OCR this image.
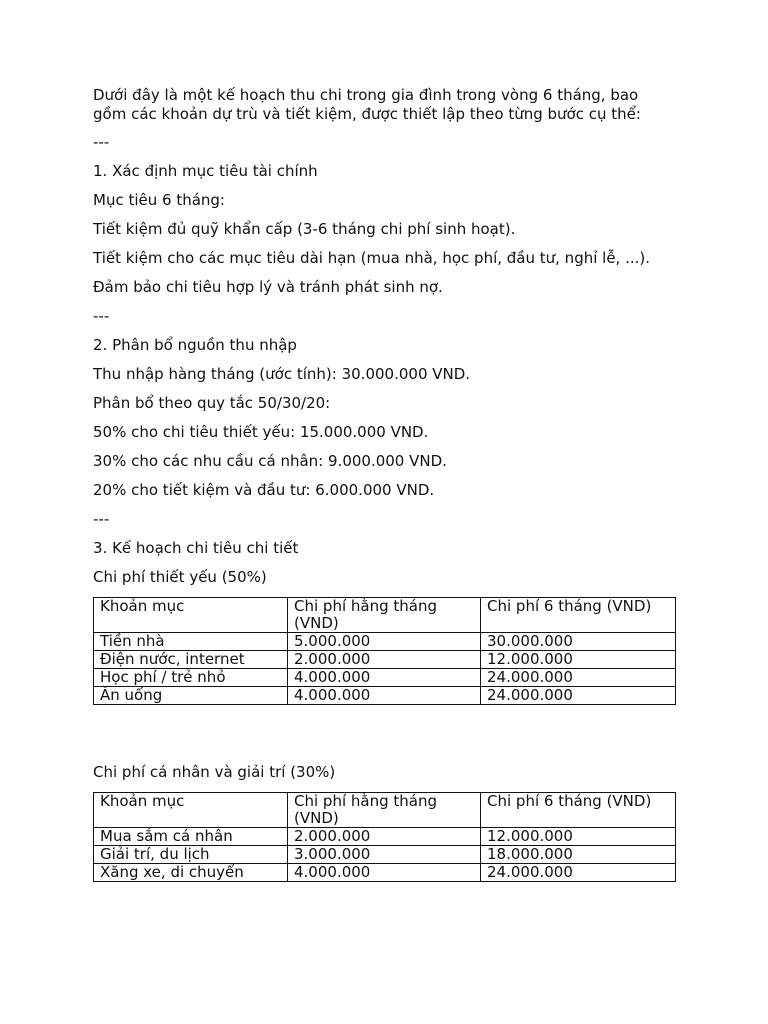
Dưới đây là một kế hoạch thu chi trong gia đình trong vòng 6 tháng, bao gồm các khoản dự trù và tiết kiệm, được thiết lập theo từng bước cụ thể:

---

1. Xác định mục tiêu tài chính

Mục tiêu 6 tháng:

Tiết kiệm đủ quỹ khẩn cấp (3-6 tháng chi phí sinh hoạt).

Tiết kiệm cho các mục tiêu dài hạn (mua nhà, học phí, đầu tư, nghỉ lễ, ...).

Đảm bảo chi tiêu hợp lý và tránh phát sinh nợ.

---

2. Phân bổ nguồn thu nhập

Thu nhập hàng tháng (ước tính): 30.000.000 VND.

Phân bổ theo quy tắc 50/30/20:

50% cho chi tiêu thiết yếu: 15.000.000 VND.

30% cho các nhu cầu cá nhân: 9.000.000 VND.

20% cho tiết kiệm và đầu tư: 6.000.000 VND.

---

3. Kế hoạch chi tiêu chi tiết

Chi phí thiết yếu (50%)

Khoản mục	Chi phí hằng tháng (VND)	Chi phí 6 tháng (VND)
Tiền nhà	5.000.000	30.000.000
Điện nước, internet	2.000.000	12.000.000
Học phí / trẻ nhỏ	4.000.000	24.000.000
Ăn uống	4.000.000	24.000.000

Chi phí cá nhân và giải trí (30%)

Khoản mục	Chi phí hằng tháng (VND)	Chi phí 6 tháng (VND)
Mua sắm cá nhân	2.000.000	12.000.000
Giải trí, du lịch	3.000.000	18.000.000
Xăng xe, di chuyển	4.000.000	24.000.000
